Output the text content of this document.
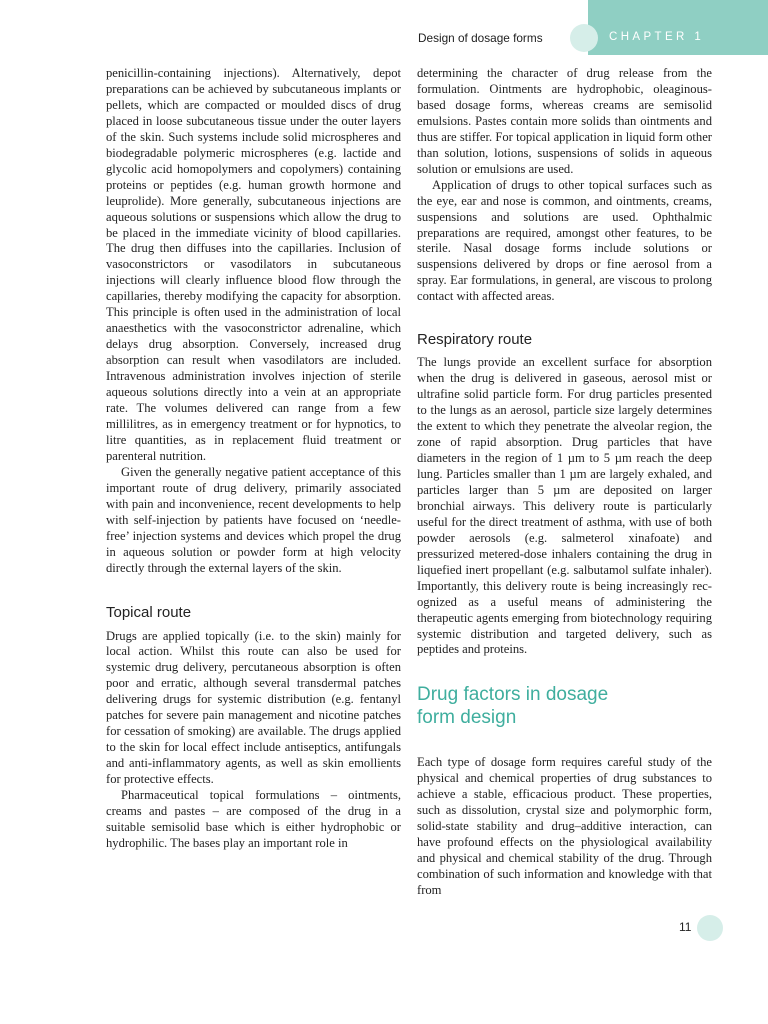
CHAPTER 1
Design of dosage forms

penicillin-containing injections). Alternatively, depot preparations can be achieved by subcutaneous implants or pellets, which are compacted or moulded discs of drug placed in loose subcutaneous tissue under the outer layers of the skin. Such systems include solid microspheres and biodegradable polymeric microspheres (e.g. lactide and glycolic acid homopolymers and copolymers) containing proteins or peptides (e.g. human growth hormone and leuprolide). More generally, subcutaneous injections are aqueous solutions or suspensions which allow the drug to be placed in the immediate vicinity of blood capillaries. The drug then diffuses into the capillaries. Inclusion of vasoconstrictors or vasodilators in subcutaneous injections will clearly influence blood flow through the capillaries, thereby modifying the capacity for absorption. This principle is often used in the administration of local anaesthetics with the vasoconstrictor adrenaline, which delays drug absorption. Conversely, increased drug absorption can result when vasodilators are included. Intravenous administration involves injection of sterile aqueous solutions directly into a vein at an appropriate rate. The volumes delivered can range from a few millilitres, as in emergency treatment or for hypnotics, to litre quantities, as in replacement fluid treatment or parenteral nutrition.

Given the generally negative patient acceptance of this important route of drug delivery, primarily associated with pain and inconvenience, recent developments to help with self-injection by patients have focused on ‘needle-free’ injection systems and devices which propel the drug in aqueous solution or powder form at high velocity directly through the external layers of the skin.

Topical route

Drugs are applied topically (i.e. to the skin) mainly for local action. Whilst this route can also be used for systemic drug delivery, percutaneous absorption is often poor and erratic, although several transdermal patches delivering drugs for systemic distribution (e.g. fentanyl patches for severe pain management and nicotine patches for cessation of smoking) are available. The drugs applied to the skin for local effect include antiseptics, antifungals and anti-inflammatory agents, as well as skin emollients for protective effects.

Pharmaceutical topical formulations – ointments, creams and pastes – are composed of the drug in a suitable semisolid base which is either hydrophobic or hydrophilic. The bases play an important role in

determining the character of drug release from the formulation. Ointments are hydrophobic, oleaginous-based dosage forms, whereas creams are semisolid emulsions. Pastes contain more solids than ointments and thus are stiffer. For topical application in liquid form other than solution, lotions, suspensions of solids in aqueous solution or emulsions are used.

Application of drugs to other topical surfaces such as the eye, ear and nose is common, and ointments, creams, suspensions and solutions are used. Ophthalmic preparations are required, amongst other features, to be sterile. Nasal dosage forms include solutions or suspensions delivered by drops or fine aerosol from a spray. Ear formulations, in general, are viscous to prolong contact with affected areas.

Respiratory route

The lungs provide an excellent surface for absorption when the drug is delivered in gaseous, aerosol mist or ultrafine solid particle form. For drug particles presented to the lungs as an aerosol, particle size largely determines the extent to which they penetrate the alveolar region, the zone of rapid absorption. Drug particles that have diameters in the region of 1 µm to 5 µm reach the deep lung. Particles smaller than 1 µm are largely exhaled, and particles larger than 5 µm are deposited on larger bronchial airways. This delivery route is particularly useful for the direct treatment of asthma, with use of both powder aerosols (e.g. salmeterol xinafoate) and pressurized metered-dose inhalers containing the drug in liquefied inert propellant (e.g. salbutamol sulfate inhaler). Importantly, this delivery route is being increasingly recognized as a useful means of administering the therapeutic agents emerging from biotechnology requiring systemic distribution and targeted delivery, such as peptides and proteins.

Drug factors in dosage form design

Each type of dosage form requires careful study of the physical and chemical properties of drug substances to achieve a stable, efficacious product. These properties, such as dissolution, crystal size and polymorphic form, solid-state stability and drug–additive interaction, can have profound effects on the physiological availability and physical and chemical stability of the drug. Through combination of such information and knowledge with that from

11
